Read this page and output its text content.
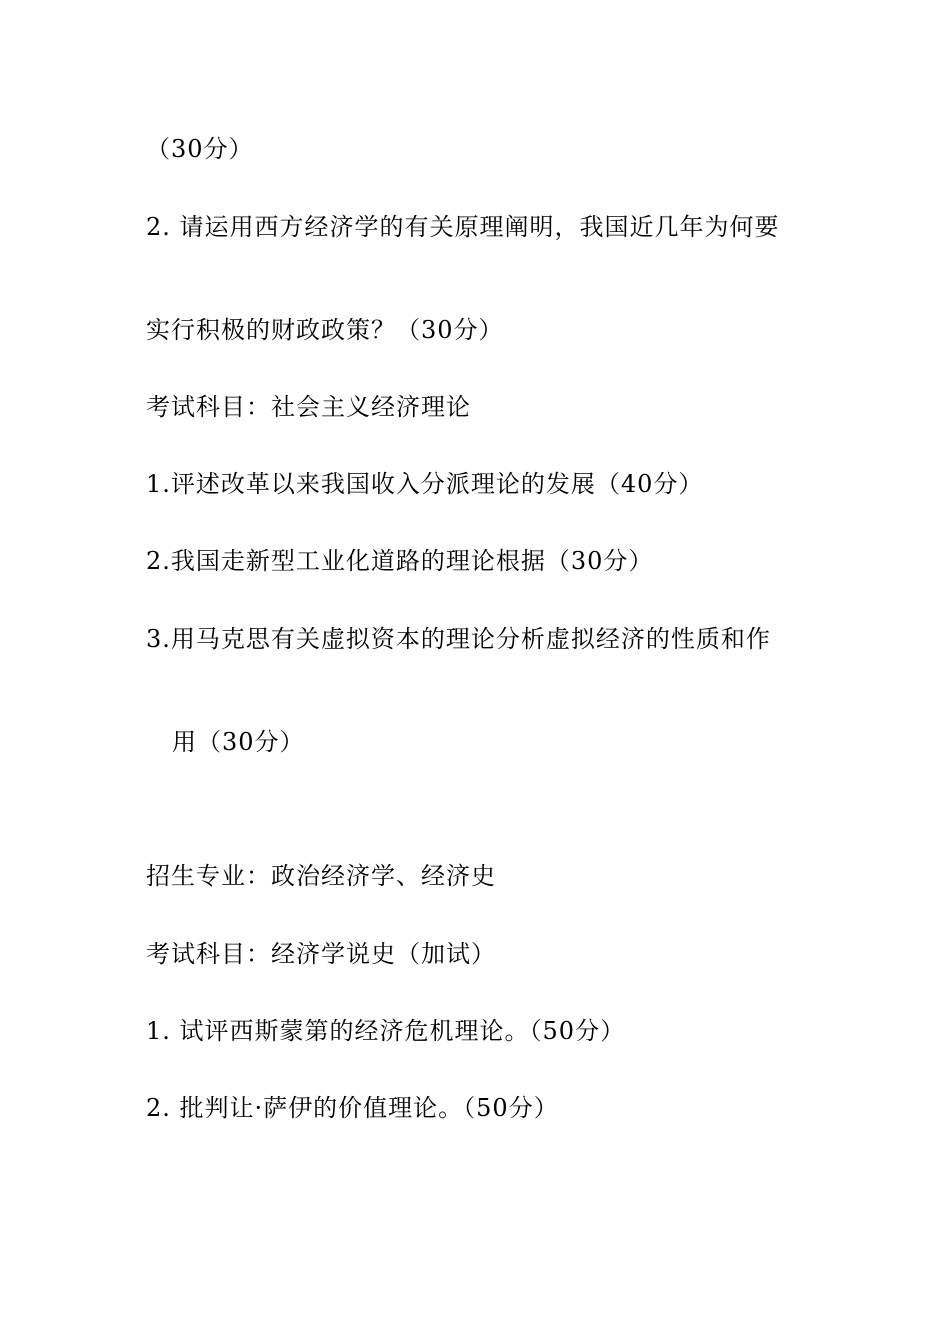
（30分）
2. 请运用西方经济学的有关原理阐明，我国近几年为何要
实行积极的财政政策？（30分）
考试科目：社会主义经济理论
1.评述改革以来我国收入分派理论的发展（40分）
2.我国走新型工业化道路的理论根据（30分）
3.用马克思有关虚拟资本的理论分析虚拟经济的性质和作
用（30分）
招生专业：政治经济学、经济史
考试科目：经济学说史（加试）
1. 试评西斯蒙第的经济危机理论。（50分）
2. 批判让·萨伊的价值理论。（50分）
